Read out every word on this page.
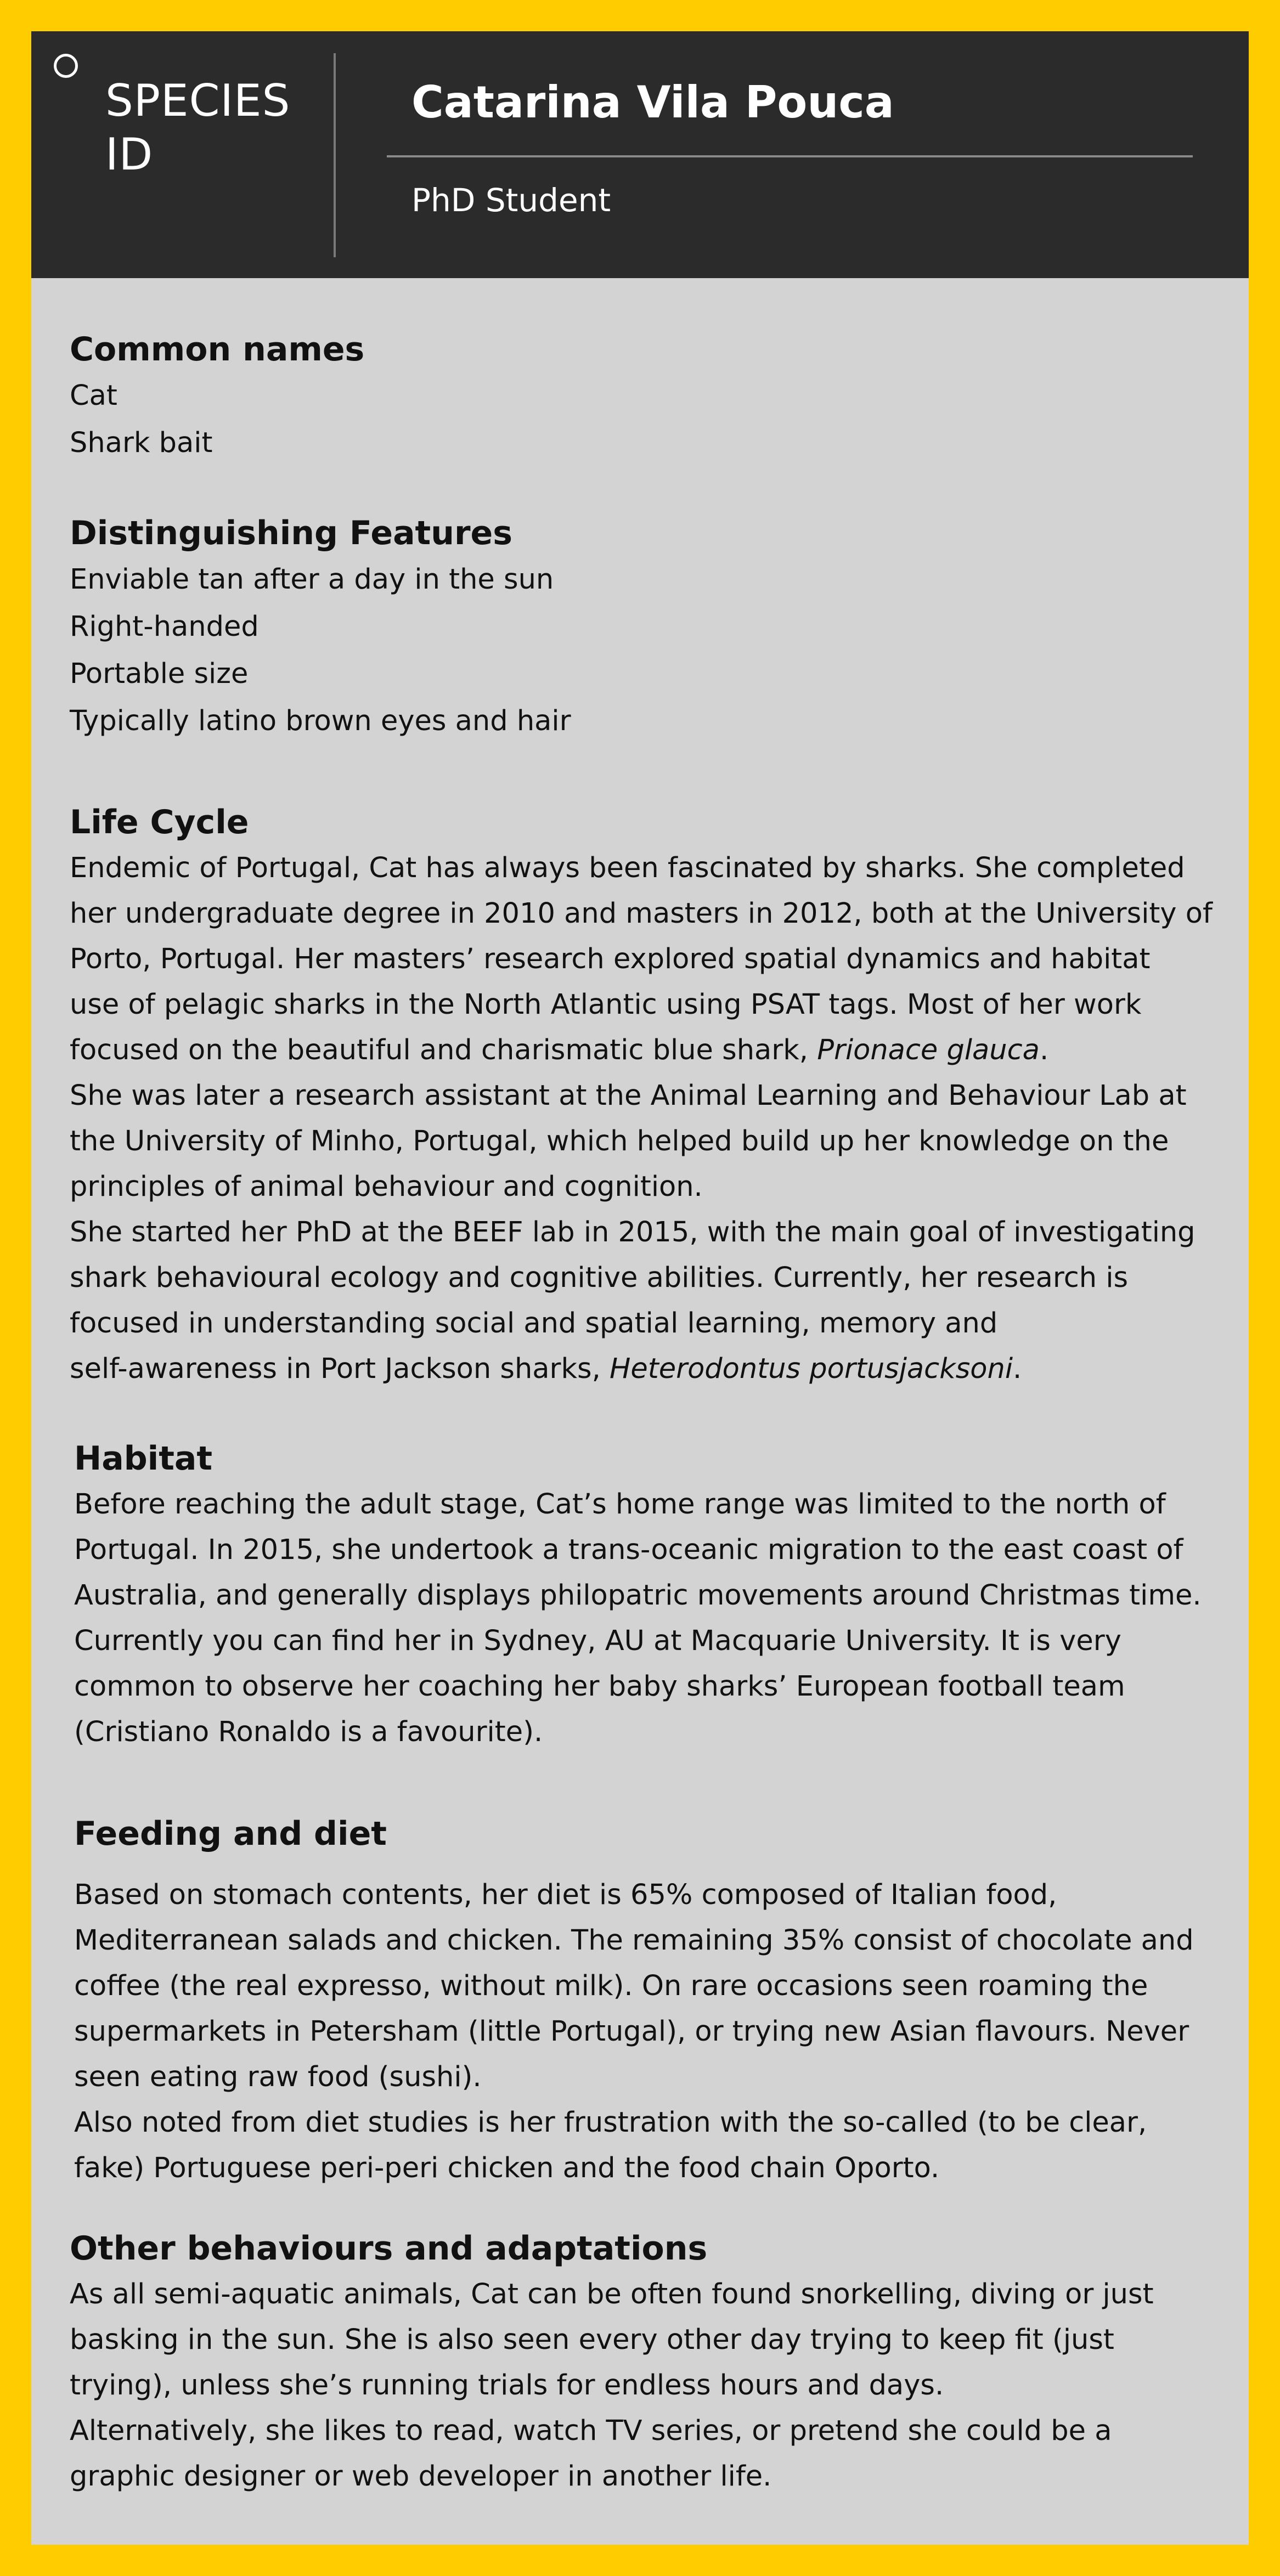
SPECIES ID
Catarina Vila Pouca
PhD Student
Common names
Cat
Shark bait
Distinguishing Features
Enviable tan after a day in the sun
Right-handed
Portable size
Typically latino brown eyes and hair
Life Cycle

Endemic of Portugal, Cat has always been fascinated by sharks. She completed
her undergraduate degree in 2010 and masters in 2012, both at the University of
Porto, Portugal. Her masters’ research explored spatial dynamics and habitat
use of pelagic sharks in the North Atlantic using PSAT tags. Most of her work
focused on the beautiful and charismatic blue shark, Prionace glauca.
She was later a research assistant at the Animal Learning and Behaviour Lab at
the University of Minho, Portugal, which helped build up her knowledge on the
principles of animal behaviour and cognition.
She started her PhD at the BEEF lab in 2015, with the main goal of investigating
shark behavioural ecology and cognitive abilities. Currently, her research is
focused in understanding social and spatial learning, memory and
self-awareness in Port Jackson sharks, Heterodontus portusjacksoni.

Habitat

Before reaching the adult stage, Cat’s home range was limited to the north of
Portugal. In 2015, she undertook a trans-oceanic migration to the east coast of
Australia, and generally displays philopatric movements around Christmas time.
Currently you can find her in Sydney, AU at Macquarie University. It is very
common to observe her coaching her baby sharks’ European football team
(Cristiano Ronaldo is a favourite).

Feeding and diet

Based on stomach contents, her diet is 65% composed of Italian food,
Mediterranean salads and chicken. The remaining 35% consist of chocolate and
coffee (the real expresso, without milk). On rare occasions seen roaming the
supermarkets in Petersham (little Portugal), or trying new Asian flavours. Never
seen eating raw food (sushi).
Also noted from diet studies is her frustration with the so-called (to be clear,
fake) Portuguese peri-peri chicken and the food chain Oporto.

Other behaviours and adaptations

As all semi-aquatic animals, Cat can be often found snorkelling, diving or just
basking in the sun. She is also seen every other day trying to keep fit (just
trying), unless she’s running trials for endless hours and days.
Alternatively, she likes to read, watch TV series, or pretend she could be a
graphic designer or web developer in another life.
